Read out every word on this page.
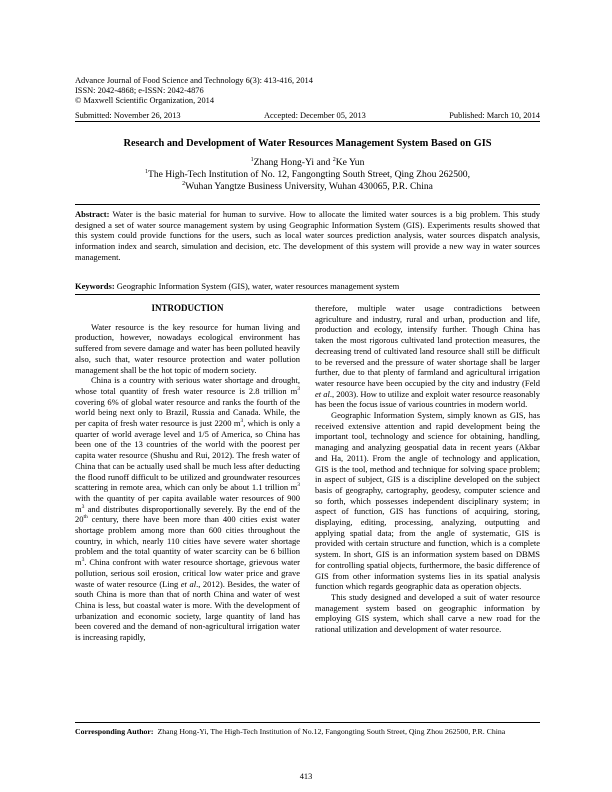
Advance Journal of Food Science and Technology 6(3): 413-416, 2014
ISSN: 2042-4868; e-ISSN: 2042-4876
© Maxwell Scientific Organization, 2014
Submitted: November 26, 2013	Accepted: December 05, 2013	Published: March 10, 2014
Research and Development of Water Resources Management System Based on GIS
$^1$Zhang Hong-Yi and $^2$Ke Yun
$^1$The High-Tech Institution of No. 12, Fangongting South Street, Qing Zhou 262500,
$^2$Wuhan Yangtze Business University, Wuhan 430065, P.R. China
Abstract: Water is the basic material for human to survive. How to allocate the limited water sources is a big problem. This study designed a set of water source management system by using Geographic Information System (GIS). Experiments results showed that this system could provide functions for the users, such as local water sources prediction analysis, water sources dispatch analysis, information index and search, simulation and decision, etc. The development of this system will provide a new way in water sources management.
Keywords: Geographic Information System (GIS), water, water resources management system
INTRODUCTION

Water resource is the key resource for human living and production, however, nowadays ecological environment has suffered from severe damage and water has been polluted heavily also, such that, water resource protection and water pollution management shall be the hot topic of modern society.

China is a country with serious water shortage and drought, whose total quantity of fresh water resource is 2.8 trillion $m^3$ covering 6% of global water resource and ranks the fourth of the world being next only to Brazil, Russia and Canada. While, the per capita of fresh water resource is just 2200 $m^3$, which is only a quarter of world average level and 1/5 of America, so China has been one of the 13 countries of the world with the poorest per capita water resource (Shushu and Rui, 2012). The fresh water of China that can be actually used shall be much less after deducting the flood runoff difficult to be utilized and groundwater resources scattering in remote area, which can only be about 1.1 trillion $m^3$ with the quantity of per capita available water resources of 900 $m^3$ and distributes disproportionally severely. By the end of the 20th century, there have been more than 400 cities exist water shortage problem among more than 600 cities throughout the country, in which, nearly 110 cities have severe water shortage problem and the total quantity of water scarcity can be 6 billion $m^3$. China confront with water resource shortage, grievous water pollution, serious soil erosion, critical low water price and grave waste of water resource (Ling et al., 2012). Besides, the water of south China is more than that of north China and water of west China is less, but coastal water is more. With the development of urbanization and economic society, large quantity of land has been covered and the demand of non-agricultural irrigation water is increasing rapidly,

therefore, multiple water usage contradictions between agriculture and industry, rural and urban, production and life, production and ecology, intensify further. Though China has taken the most rigorous cultivated land protection measures, the decreasing trend of cultivated land resource shall still be difficult to be reversed and the pressure of water shortage shall be larger further, due to that plenty of farmland and agricultural irrigation water resource have been occupied by the city and industry (Feld et al., 2003). How to utilize and exploit water resource reasonably has been the focus issue of various countries in modern world.

Geographic Information System, simply known as GIS, has received extensive attention and rapid development being the important tool, technology and science for obtaining, handling, managing and analyzing geospatial data in recent years (Akbar and Ha, 2011). From the angle of technology and application, GIS is the tool, method and technique for solving space problem; in aspect of subject, GIS is a discipline developed on the subject basis of geography, cartography, geodesy, computer science and so forth, which possesses independent disciplinary system; in aspect of function, GIS has functions of acquiring, storing, displaying, editing, processing, analyzing, outputting and applying spatial data; from the angle of systematic, GIS is provided with certain structure and function, which is a complete system. In short, GIS is an information system based on DBMS for controlling spatial objects, furthermore, the basic difference of GIS from other information systems lies in its spatial analysis function which regards geographic data as operation objects.

This study designed and developed a suit of water resource management system based on geographic information by employing GIS system, which shall carve a new road for the rational utilization and development of water resource.

Corresponding Author: Zhang Hong-Yi, The High-Tech Institution of No.12, Fangongting South Street, Qing Zhou 262500, P.R. China
413
